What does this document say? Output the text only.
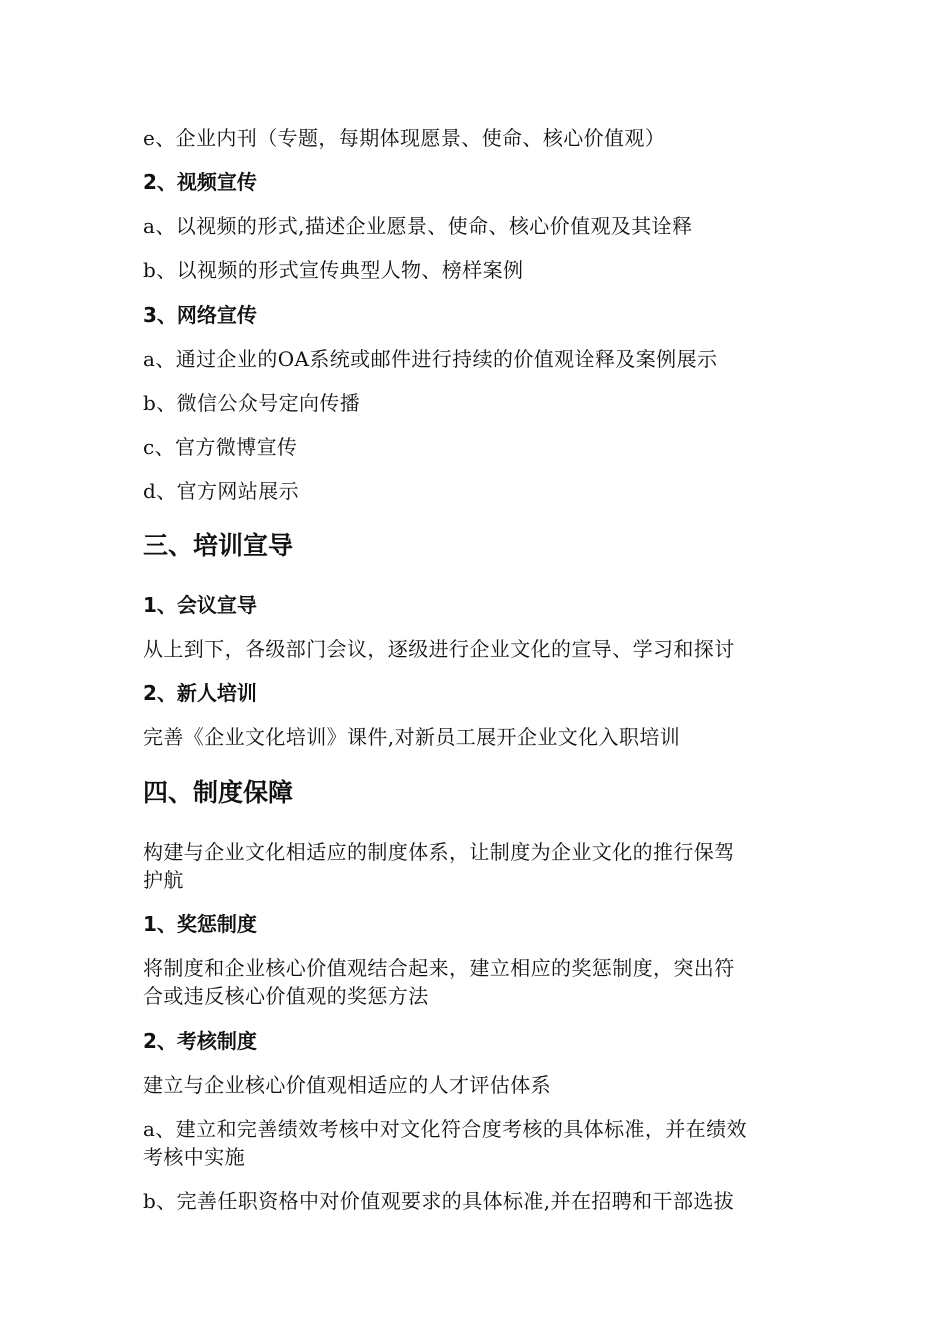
e、企业内刊（专题，每期体现愿景、使命、核心价值观）

2、视频宣传

a、以视频的形式,描述企业愿景、使命、核心价值观及其诠释

b、以视频的形式宣传典型人物、榜样案例

3、网络宣传

a、通过企业的OA系统或邮件进行持续的价值观诠释及案例展示

b、微信公众号定向传播

c、官方微博宣传

d、官方网站展示

三、培训宣导

1、会议宣导

从上到下，各级部门会议，逐级进行企业文化的宣导、学习和探讨

2、新人培训

完善《企业文化培训》课件,对新员工展开企业文化入职培训

四、制度保障

构建与企业文化相适应的制度体系，让制度为企业文化的推行保驾

护航

1、奖惩制度

将制度和企业核心价值观结合起来，建立相应的奖惩制度，突出符

合或违反核心价值观的奖惩方法

2、考核制度

建立与企业核心价值观相适应的人才评估体系

a、建立和完善绩效考核中对文化符合度考核的具体标准，并在绩效

考核中实施

b、完善任职资格中对价值观要求的具体标准,并在招聘和干部选拔
